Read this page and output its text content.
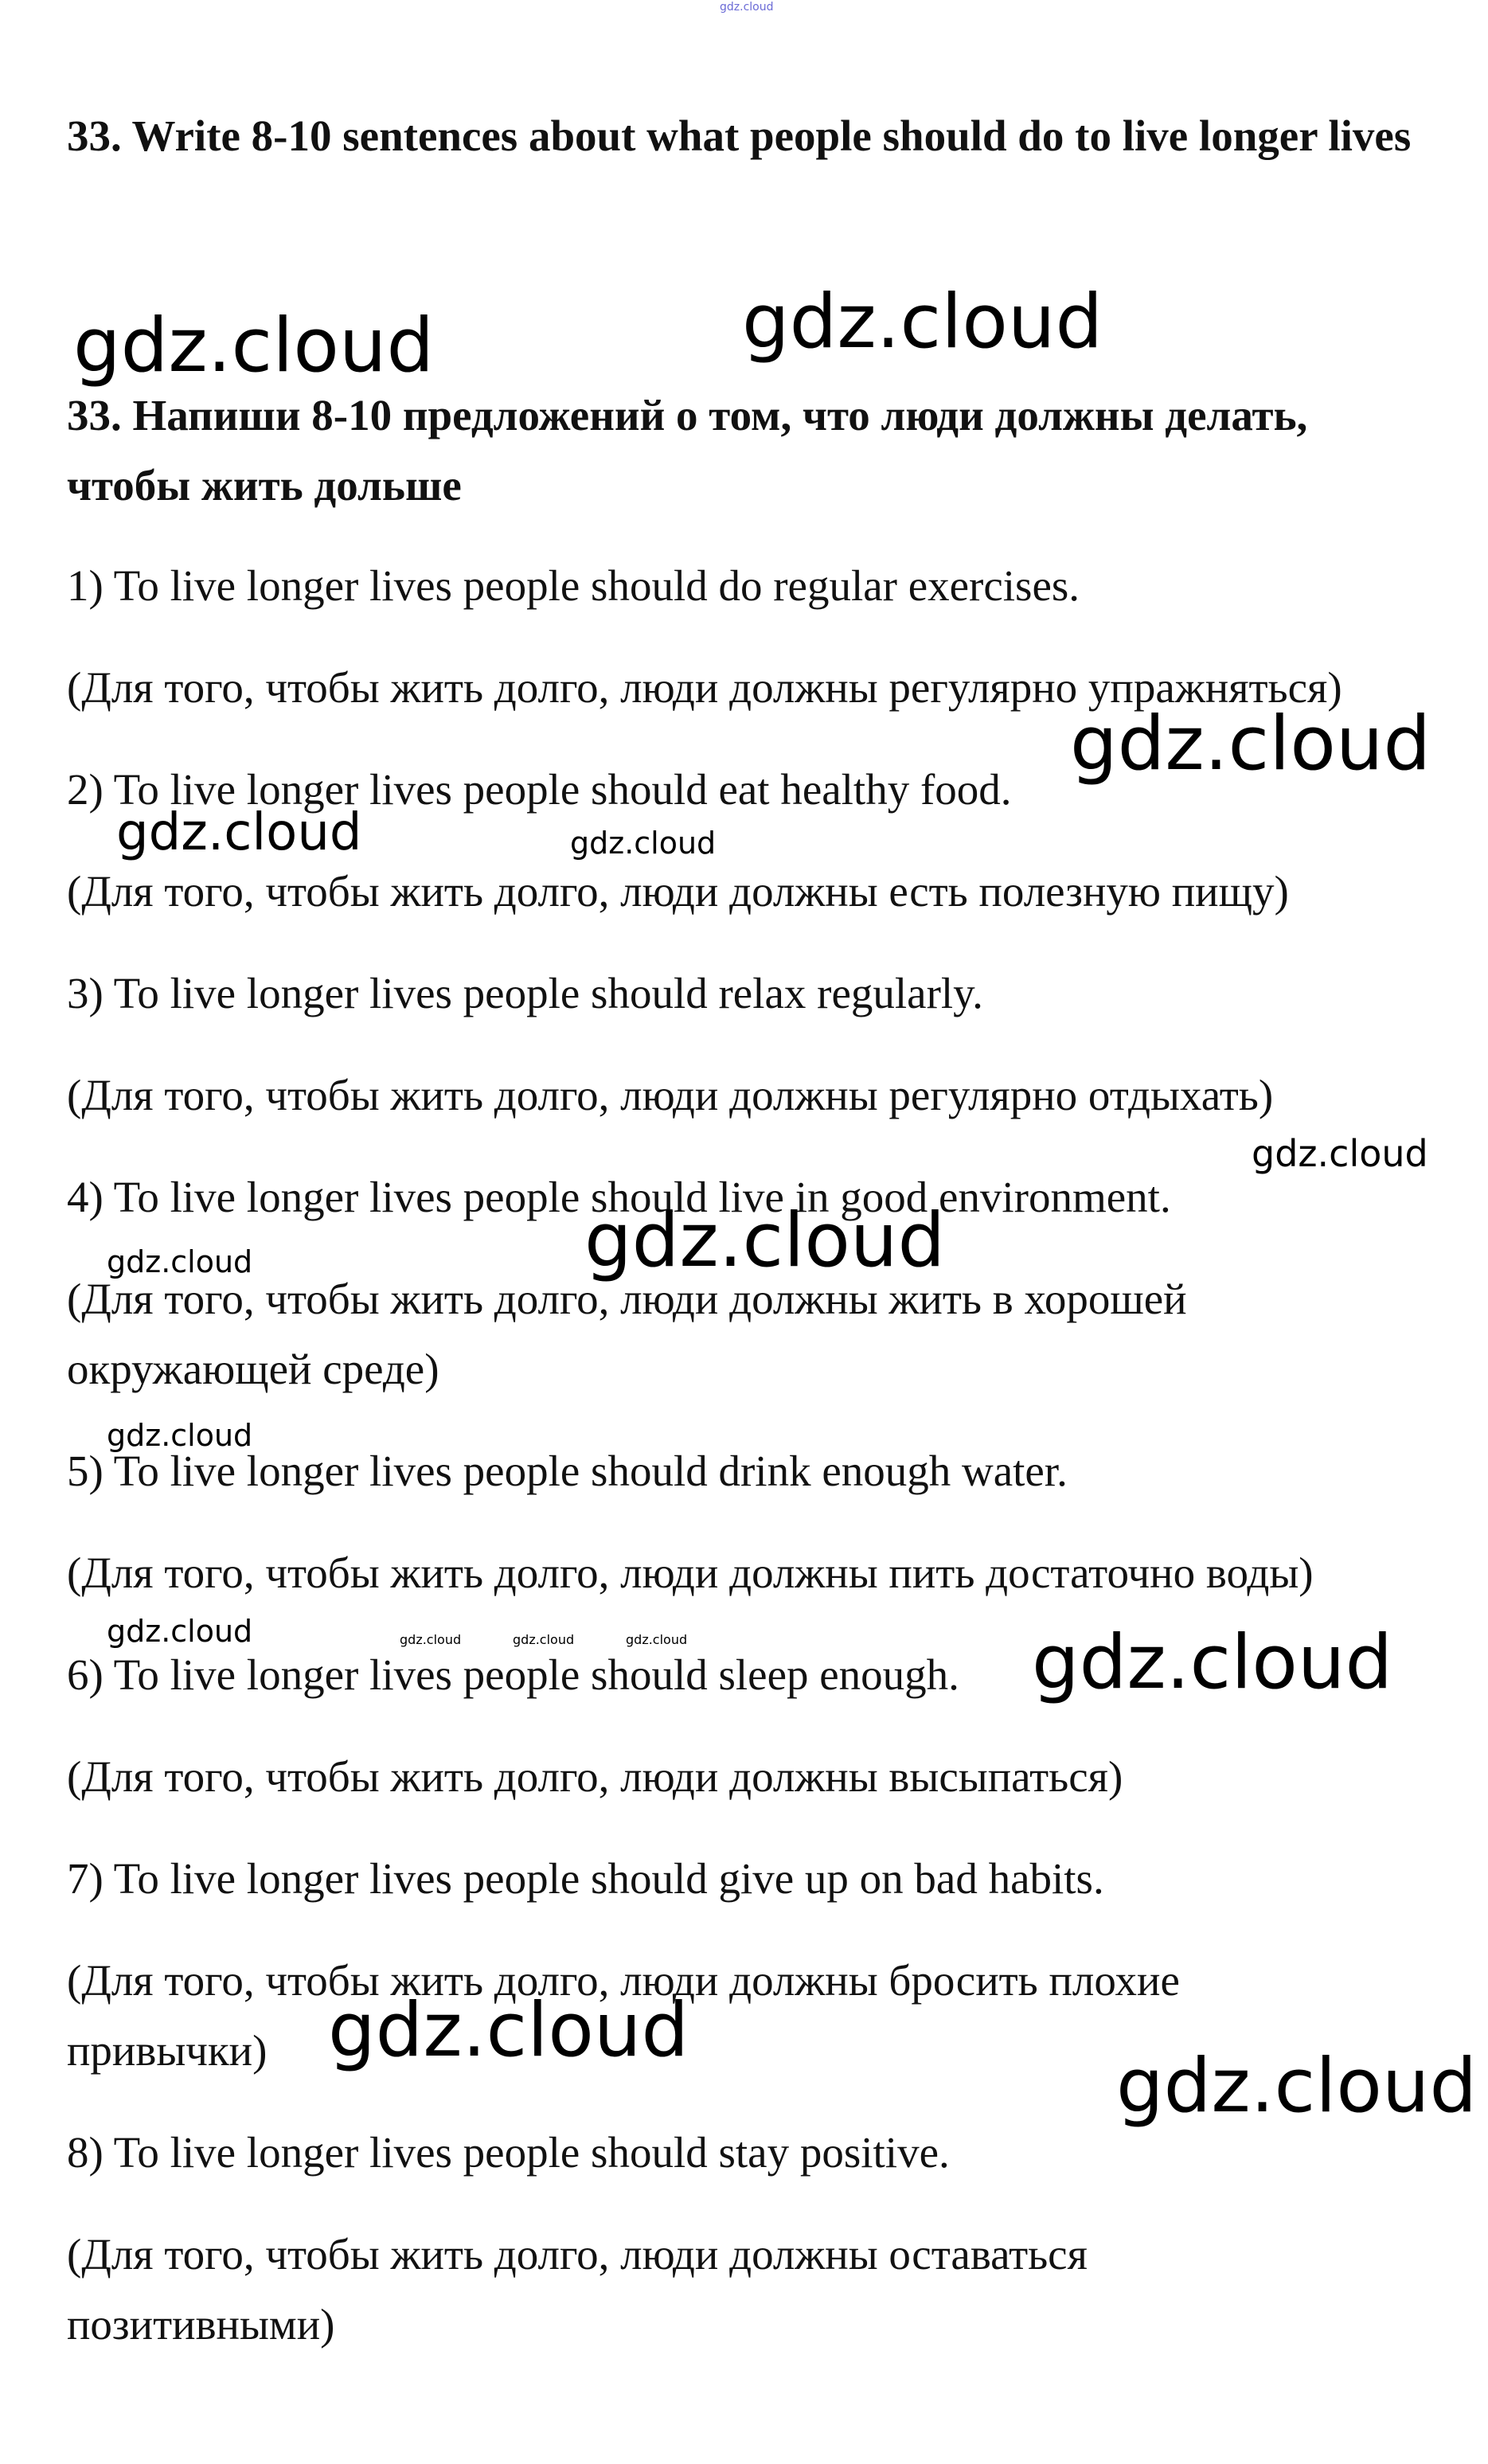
gdz.cloud

33. Write 8-10 sentences about what people should do to live longer lives

gdz.cloud	gdz.cloud

33. Напиши 8-10 предложений о том, что люди должны делать, чтобы жить дольше

1) To live longer lives people should do regular exercises.

(Для того, чтобы жить долго, люди должны регулярно упражняться)

2) To live longer lives people should eat healthy food.

gdz.cloud
gdz.cloud	gdz.cloud

(Для того, чтобы жить долго, люди должны есть полезную пищу)

3) To live longer lives people should relax regularly.

(Для того, чтобы жить долго, люди должны регулярно отдыхать)

gdz.cloud

4) To live longer lives people should live in good environment.

gdz.cloud
gdz.cloud

(Для того, чтобы жить долго, люди должны жить в хорошей окружающей среде)

gdz.cloud

5) To live longer lives people should drink enough water.

(Для того, чтобы жить долго, люди должны пить достаточно воды)

gdz.cloud	gdz.cloud	gdz.cloud	gdz.cloud

6) To live longer lives people should sleep enough. gdz.cloud

(Для того, чтобы жить долго, люди должны высыпаться)

7) To live longer lives people should give up on bad habits.

(Для того, чтобы жить долго, люди должны бросить плохие привычки) gdz.cloud
gdz.cloud

8) To live longer lives people should stay positive.

(Для того, чтобы жить долго, люди должны оставаться позитивными)
